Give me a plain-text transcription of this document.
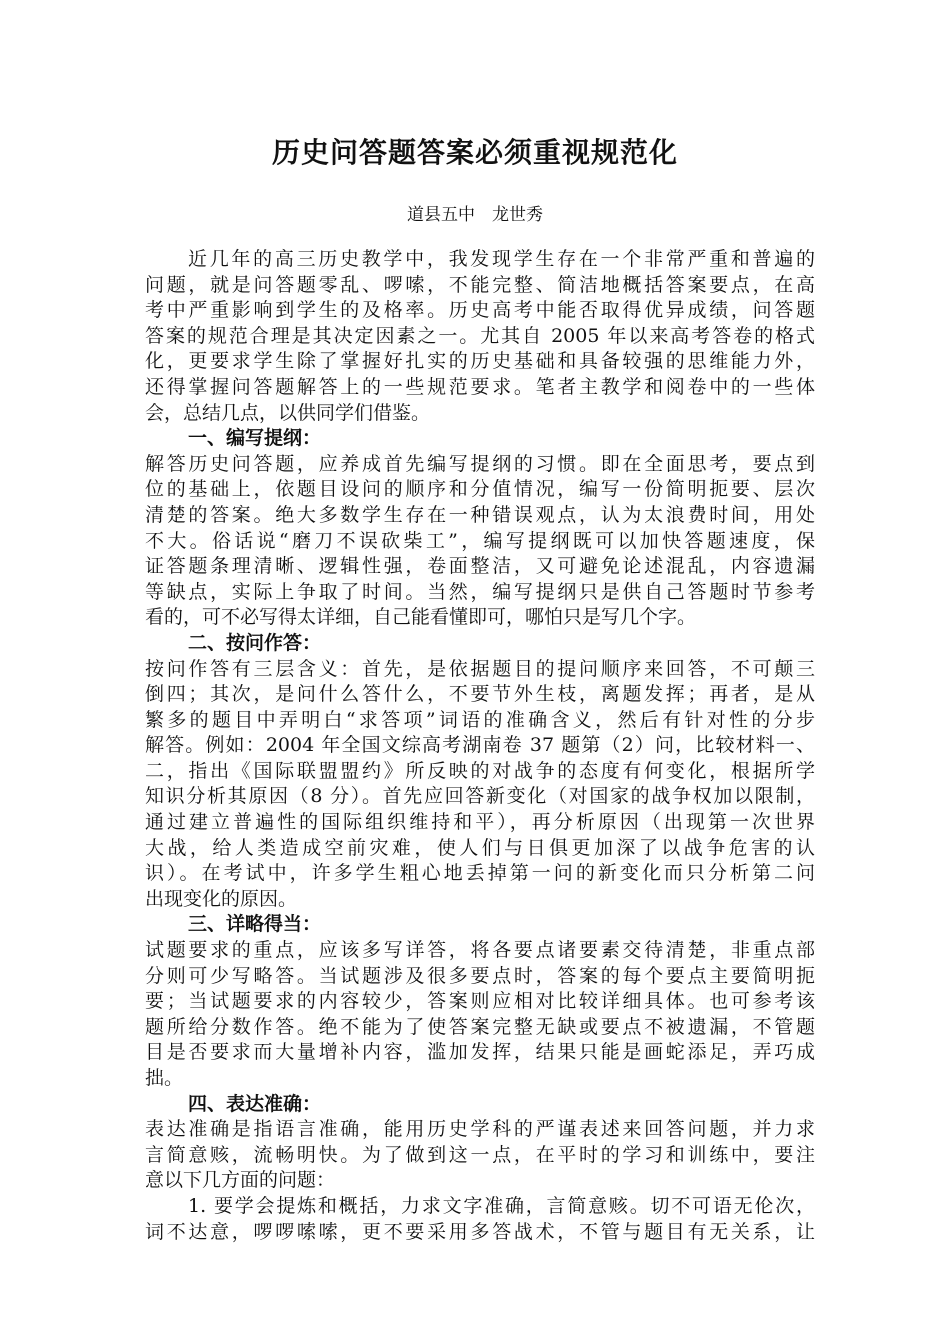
历史问答题答案必须重视规范化
道县五中　龙世秀
近几年的高三历史教学中，我发现学生存在一个非常严重和普遍的
问题，就是问答题零乱、啰嗦，不能完整、简洁地概括答案要点，在高
考中严重影响到学生的及格率。历史高考中能否取得优异成绩，问答题
答案的规范合理是其决定因素之一。尤其自 2005 年以来高考答卷的格式
化，更要求学生除了掌握好扎实的历史基础和具备较强的思维能力外，
还得掌握问答题解答上的一些规范要求。笔者主教学和阅卷中的一些体
会，总结几点，以供同学们借鉴。
一、编写提纲：
解答历史问答题，应养成首先编写提纲的习惯。即在全面思考，要点到
位的基础上，依题目设问的顺序和分值情况，编写一份简明扼要、层次
清楚的答案。绝大多数学生存在一种错误观点，认为太浪费时间，用处
不大。俗话说“磨刀不误砍柴工”，编写提纲既可以加快答题速度，保
证答题条理清晰、逻辑性强，卷面整洁，又可避免论述混乱，内容遗漏
等缺点，实际上争取了时间。当然，编写提纲只是供自己答题时节参考
看的，可不必写得太详细，自己能看懂即可，哪怕只是写几个字。
二、按问作答：
按问作答有三层含义：首先，是依据题目的提问顺序来回答，不可颠三
倒四；其次，是问什么答什么，不要节外生枝，离题发挥；再者，是从
繁多的题目中弄明白“求答项”词语的准确含义，然后有针对性的分步
解答。例如：2004 年全国文综高考湖南卷 37 题第（2）问，比较材料一、
二，指出《国际联盟盟约》所反映的对战争的态度有何变化，根据所学
知识分析其原因（8 分）。首先应回答新变化（对国家的战争权加以限制，
通过建立普遍性的国际组织维持和平），再分析原因（出现第一次世界
大战，给人类造成空前灾难，使人们与日俱更加深了以战争危害的认
识）。在考试中，许多学生粗心地丢掉第一问的新变化而只分析第二问
出现变化的原因。
三、详略得当：
试题要求的重点，应该多写详答，将各要点诸要素交待清楚，非重点部
分则可少写略答。当试题涉及很多要点时，答案的每个要点主要简明扼
要；当试题要求的内容较少，答案则应相对比较详细具体。也可参考该
题所给分数作答。绝不能为了使答案完整无缺或要点不被遗漏，不管题
目是否要求而大量增补内容，滥加发挥，结果只能是画蛇添足，弄巧成
拙。
四、表达准确：
表达准确是指语言准确，能用历史学科的严谨表述来回答问题，并力求
言简意赅，流畅明快。为了做到这一点，在平时的学习和训练中，要注
意以下几方面的问题：
1. 要学会提炼和概括，力求文字准确，言简意赅。切不可语无伦次，
词不达意，啰啰嗦嗦，更不要采用多答战术，不管与题目有无关系，让
